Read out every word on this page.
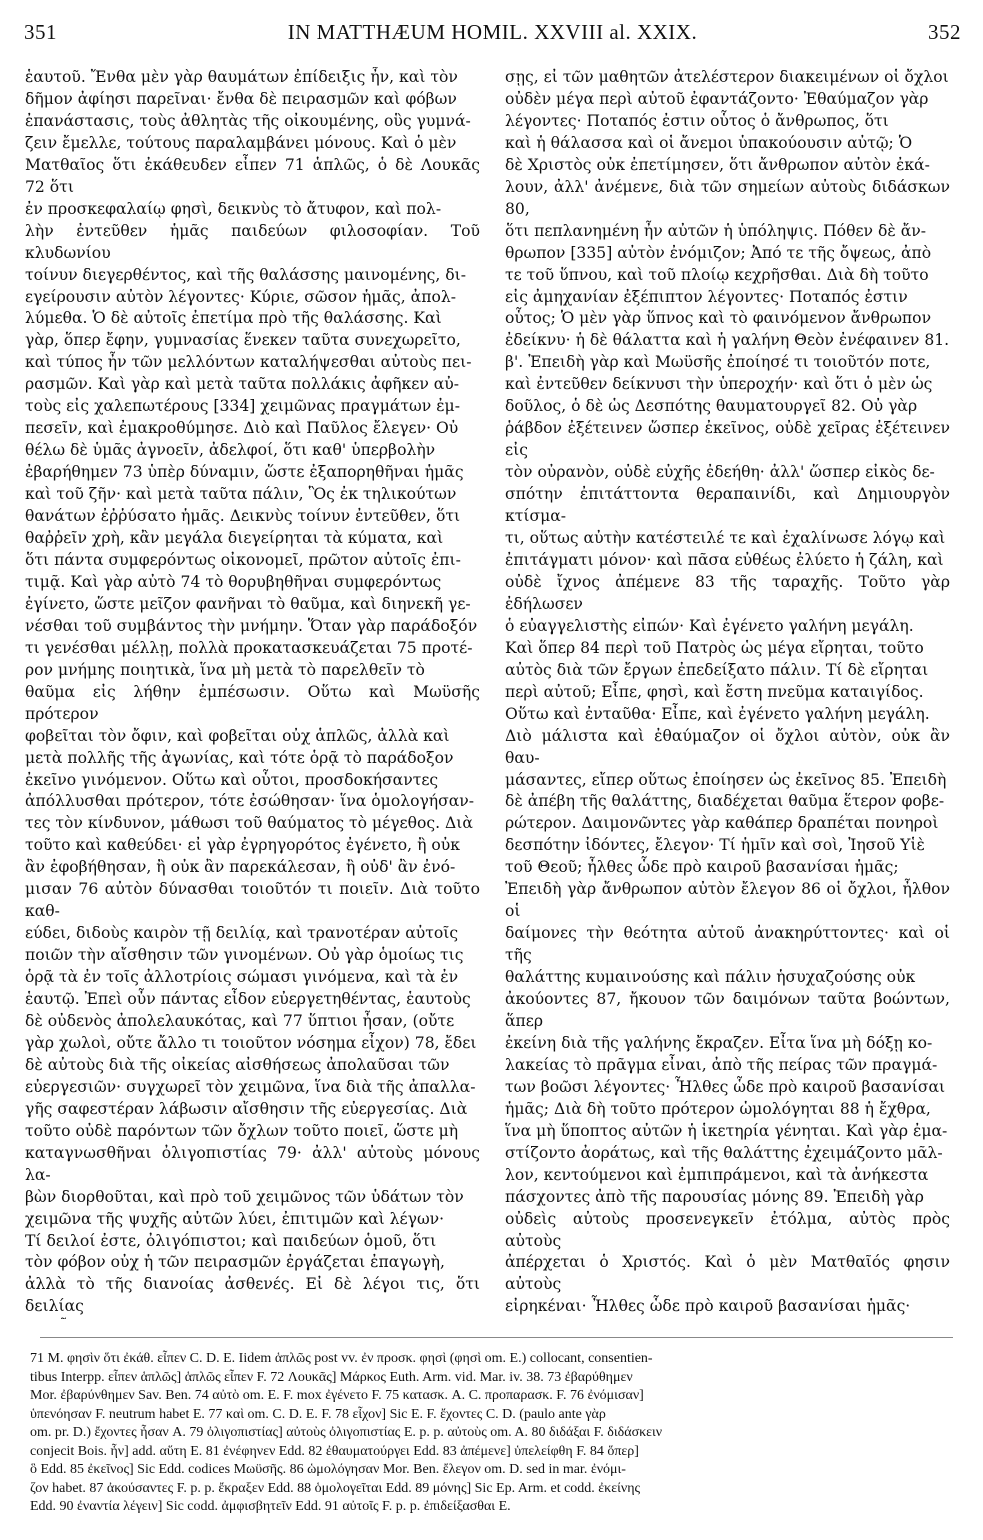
351	IN MATTHÆUM HOMIL. XXVIII al. XXIX.	352
ἑαυτοῦ. Ἔνθα μὲν γὰρ θαυμάτων ἐπίδειξις ἦν, καὶ τὸν
δῆμον ἀφίησι παρεῖναι· ἔνθα δὲ πειρασμῶν καὶ φόβων
ἐπανάστασις, τοὺς ἀθλητὰς τῆς οἰκουμένης, οὓς γυμνά-
ζειν ἔμελλε, τούτους παραλαμβάνει μόνους. Καὶ ὁ μὲν
Ματθαῖος ὅτι ἐκάθευδεν εἶπεν 71 ἁπλῶς, ὁ δὲ Λουκᾶς 72 ὅτι
ἐν προσκεφαλαίῳ φησὶ, δεικνὺς τὸ ἄτυφον, καὶ πολ-
λὴν ἐντεῦθεν ἡμᾶς παιδεύων φιλοσοφίαν. Τοῦ κλυδωνίου
τοίνυν διεγερθέντος, καὶ τῆς θαλάσσης μαινομένης, δι-
εγείρουσιν αὐτὸν λέγοντες· Κύριε, σῶσον ἡμᾶς, ἀπολ-
λύμεθα. Ὁ δὲ αὐτοῖς ἐπετίμα πρὸ τῆς θαλάσσης. Καὶ
γὰρ, ὅπερ ἔφην, γυμνασίας ἕνεκεν ταῦτα συνεχωρεῖτο,
καὶ τύπος ἦν τῶν μελλόντων καταλήψεσθαι αὐτοὺς πει-
ρασμῶν. Καὶ γὰρ καὶ μετὰ ταῦτα πολλάκις ἀφῆκεν αὐ-
τοὺς εἰς χαλεπωτέρους [334] χειμῶνας πραγμάτων ἐμ-
πεσεῖν, καὶ ἐμακροθύμησε. Διὸ καὶ Παῦλος ἔλεγεν· Οὐ
θέλω δὲ ὑμᾶς ἀγνοεῖν, ἀδελφοί, ὅτι καθ' ὑπερβολὴν
ἐβαρήθημεν 73 ὑπὲρ δύναμιν, ὥστε ἐξαπορηθῆναι ἡμᾶς
καὶ τοῦ ζῆν· καὶ μετὰ ταῦτα πάλιν, Ὃς ἐκ τηλικούτων
θανάτων ἐῤῥύσατο ἡμᾶς. Δεικνὺς τοίνυν ἐντεῦθεν, ὅτι
θαῤῥεῖν χρὴ, κἂν μεγάλα διεγείρηται τὰ κύματα, καὶ
ὅτι πάντα συμφερόντως οἰκονομεῖ, πρῶτον αὐτοῖς ἐπι-
τιμᾷ. Καὶ γὰρ αὐτὸ 74 τὸ θορυβηθῆναι συμφερόντως
ἐγίνετο, ὥστε μεῖζον φανῆναι τὸ θαῦμα, καὶ διηνεκῆ γε-
νέσθαι τοῦ συμβάντος τὴν μνήμην. Ὅταν γὰρ παράδοξόν
τι γενέσθαι μέλλῃ, πολλὰ προκατασκευάζεται 75 προτέ-
ρον μνήμης ποιητικὰ, ἵνα μὴ μετὰ τὸ παρελθεῖν τὸ
θαῦμα εἰς λήθην ἐμπέσωσιν. Οὕτω καὶ Μωϋσῆς πρότερον
φοβεῖται τὸν ὄφιν, καὶ φοβεῖται οὐχ ἁπλῶς, ἀλλὰ καὶ
μετὰ πολλῆς τῆς ἀγωνίας, καὶ τότε ὁρᾷ τὸ παράδοξον
ἐκεῖνο γινόμενον. Οὕτω καὶ οὗτοι, προσδοκήσαντες
ἀπόλλυσθαι πρότερον, τότε ἐσώθησαν· ἵνα ὁμολογήσαν-
τες τὸν κίνδυνον, μάθωσι τοῦ θαύματος τὸ μέγεθος. Διὰ
τοῦτο καὶ καθεύδει· εἰ γὰρ ἐγρηγορότος ἐγένετο, ἢ οὐκ
ἂν ἐφοβήθησαν, ἢ οὐκ ἂν παρεκάλεσαν, ἢ οὐδ' ἂν ἐνό-
μισαν 76 αὐτὸν δύνασθαι τοιοῦτόν τι ποιεῖν. Διὰ τοῦτο καθ-
εύδει, διδοὺς καιρὸν τῇ δειλίᾳ, καὶ τρανοτέραν αὐτοῖς
ποιῶν τὴν αἴσθησιν τῶν γινομένων. Οὐ γὰρ ὁμοίως τις
ὁρᾷ τὰ ἐν τοῖς ἀλλοτρίοις σώμασι γινόμενα, καὶ τὰ ἐν
ἑαυτῷ. Ἐπεὶ οὖν πάντας εἶδον εὐεργετηθέντας, ἑαυτοὺς
δὲ οὐδενὸς ἀπολελαυκότας, καὶ 77 ὕπτιοι ἦσαν, (οὔτε
γὰρ χωλοὶ, οὔτε ἄλλο τι τοιοῦτον νόσημα εἶχον) 78, ἔδει
δὲ αὐτοὺς διὰ τῆς οἰκείας αἰσθήσεως ἀπολαῦσαι τῶν
εὐεργεσιῶν· συγχωρεῖ τὸν χειμῶνα, ἵνα διὰ τῆς ἀπαλλα-
γῆς σαφεστέραν λάβωσιν αἴσθησιν τῆς εὐεργεσίας. Διὰ
τοῦτο οὐδὲ παρόντων τῶν ὄχλων τοῦτο ποιεῖ, ὥστε μὴ
καταγνωσθῆναι ὀλιγοπιστίας 79· ἀλλ' αὐτοὺς μόνους λα-
βὼν διορθοῦται, καὶ πρὸ τοῦ χειμῶνος τῶν ὑδάτων τὸν
χειμῶνα τῆς ψυχῆς αὐτῶν λύει, ἐπιτιμῶν καὶ λέγων·
Τί δειλοί ἐστε, ὀλιγόπιστοι; καὶ παιδεύων ὁμοῦ, ὅτι
τὸν φόβον οὐχ ἡ τῶν πειρασμῶν ἐργάζεται ἐπαγωγὴ,
ἀλλὰ τὸ τῆς διανοίας ἀσθενές. Εἰ δὲ λέγοι τις, ὅτι δειλίας

σῃς, εἰ τῶν μαθητῶν ἀτελέστερον διακειμένων οἱ ὄχλοι
οὐδὲν μέγα περὶ αὐτοῦ ἐφαντάζοντο· Ἐθαύμαζον γὰρ
λέγοντες· Ποταπός ἐστιν οὗτος ὁ ἄνθρωπος, ὅτι
καὶ ἡ θάλασσα καὶ οἱ ἄνεμοι ὑπακούουσιν αὐτῷ; Ὁ
δὲ Χριστὸς οὐκ ἐπετίμησεν, ὅτι ἄνθρωπον αὐτὸν ἐκά-
λουν, ἀλλ' ἀνέμενε, διὰ τῶν σημείων αὐτοὺς διδάσκων 80,
ὅτι πεπλανημένη ἦν αὐτῶν ἡ ὑπόληψις. Πόθεν δὲ ἄν-
θρωπον [335] αὐτὸν ἐνόμιζον; Ἀπό τε τῆς ὄψεως, ἀπὸ
τε τοῦ ὕπνου, καὶ τοῦ πλοίῳ κεχρῆσθαι. Διὰ δὴ τοῦτο
εἰς ἀμηχανίαν ἐξέπιπτον λέγοντες· Ποταπός ἐστιν
οὗτος; Ὁ μὲν γὰρ ὕπνος καὶ τὸ φαινόμενον ἄνθρωπον
ἐδείκνυ· ἡ δὲ θάλαττα καὶ ἡ γαλήνη Θεὸν ἐνέφαινεν 81.
β'. Ἐπειδὴ γὰρ καὶ Μωϋσῆς ἐποίησέ τι τοιοῦτόν ποτε,
καὶ ἐντεῦθεν δείκνυσι τὴν ὑπεροχήν· καὶ ὅτι ὁ μὲν ὡς
δοῦλος, ὁ δὲ ὡς Δεσπότης θαυματουργεῖ 82. Οὐ γὰρ
ῥάβδον ἐξέτεινεν ὥσπερ ἐκεῖνος, οὐδὲ χεῖρας ἐξέτεινεν εἰς
τὸν οὐρανὸν, οὐδὲ εὐχῆς ἐδεήθη· ἀλλ' ὥσπερ εἰκὸς δε-
σπότην ἐπιτάττοντα θεραπαινίδι, καὶ Δημιουργὸν κτίσμα-
τι, οὕτως αὐτὴν κατέστειλέ τε καὶ ἐχαλίνωσε λόγῳ καὶ
ἐπιτάγματι μόνον· καὶ πᾶσα εὐθέως ἐλύετο ἡ ζάλη, καὶ
οὐδὲ ἴχνος ἀπέμενε 83 τῆς ταραχῆς. Τοῦτο γὰρ ἐδήλωσεν
ὁ εὐαγγελιστὴς εἰπών· Καὶ ἐγένετο γαλήνη μεγάλη.
Καὶ ὅπερ 84 περὶ τοῦ Πατρὸς ὡς μέγα εἴρηται, τοῦτο
αὐτὸς διὰ τῶν ἔργων ἐπεδείξατο πάλιν. Τί δὲ εἴρηται
περὶ αὐτοῦ; Εἶπε, φησὶ, καὶ ἔστη πνεῦμα καταιγίδος.
Οὕτω καὶ ἐνταῦθα· Εἶπε, καὶ ἐγένετο γαλήνη μεγάλη.
Διὸ μάλιστα καὶ ἐθαύμαζον οἱ ὄχλοι αὐτὸν, οὐκ ἂν θαυ-
μάσαντες, εἴπερ οὕτως ἐποίησεν ὡς ἐκεῖνος 85. Ἐπειδὴ
δὲ ἀπέβη τῆς θαλάττης, διαδέχεται θαῦμα ἕτερον φοβε-
ρώτερον. Δαιμονῶντες γὰρ καθάπερ δραπέται πονηροὶ
δεσπότην ἰδόντες, ἔλεγον· Τί ἡμῖν καὶ σοὶ, Ἰησοῦ Υἱὲ
τοῦ Θεοῦ; ἦλθες ὧδε πρὸ καιροῦ βασανίσαι ἡμᾶς;
Ἐπειδὴ γὰρ ἄνθρωπον αὐτὸν ἔλεγον 86 οἱ ὄχλοι, ἦλθον οἱ
δαίμονες τὴν θεότητα αὐτοῦ ἀνακηρύττοντες· καὶ οἱ τῆς
θαλάττης κυμαινούσης καὶ πάλιν ἡσυχαζούσης οὐκ
ἀκούοντες 87, ἤκουον τῶν δαιμόνων ταῦτα βοώντων, ἅπερ
ἐκείνη διὰ τῆς γαλήνης ἔκραζεν. Εἶτα ἵνα μὴ δόξῃ κο-
λακείας τὸ πρᾶγμα εἶναι, ἀπὸ τῆς πείρας τῶν πραγμά-
των βοῶσι λέγοντες· Ἦλθες ὧδε πρὸ καιροῦ βασανίσαι
ἡμᾶς; Διὰ δὴ τοῦτο πρότερον ὡμολόγηται 88 ἡ ἔχθρα,
ἵνα μὴ ὕποπτος αὐτῶν ἡ ἱκετηρία γένηται. Καὶ γὰρ ἐμα-
στίζοντο ἀοράτως, καὶ τῆς θαλάττης ἐχειμάζοντο μᾶλ-
λον, κεντούμενοι καὶ ἐμπιπράμενοι, καὶ τὰ ἀνήκεστα
πάσχοντες ἀπὸ τῆς παρουσίας μόνης 89. Ἐπειδὴ γὰρ
οὐδεὶς αὐτοὺς προσενεγκεῖν ἐτόλμα, αὐτὸς πρὸς αὐτοὺς
ἀπέρχεται ὁ Χριστός. Καὶ ὁ μὲν Ματθαῖός φησιν αὐτοὺς
εἰρηκέναι· Ἦλθες ὧδε πρὸ καιροῦ βασανίσαι ἡμᾶς·

71 M. φησὶν ὅτι ἐκάθ. εἶπεν C. D. E. Iidem ἁπλῶς post vv. ἐν προσκ. φησὶ (φησὶ om. E.) collocant, consentien-
tibus Interpp. εἶπεν ἁπλῶς] ἁπλῶς εἶπεν F. 72 Λουκᾶς] Μάρκος Euth. Arm. vid. Mar. iv. 38. 73 ἐβαρύθημεν
Mor. ἐβαρύνθημεν Sav. Ben. 74 αὐτὸ om. E. F. mox ἐγένετο F. 75 κατασκ. A. C. προπαρασκ. F. 76 ἐνόμισαν]
ὑπενόησαν F. neutrum habet E. 77 καὶ om. C. D. E. F. 78 εἶχον] Sic E. F. ἔχοντες C. D. (paulo ante γὰρ
om. pr. D.) ἔχοντες ἦσαν A. 79 ὀλιγοπιστίας] αὐτοὺς ὀλιγοπιστίας E. p. p. αὐτοὺς om. A. 80 διδάξαι F. διδάσκειν
conjecit Bois. ἦν] add. αὕτη E. 81 ἐνέφηνεν Edd. 82 ἐθαυματούργει Edd. 83 ἀπέμενε] ὑπελείφθη F. 84 ὅπερ]
ὃ Edd. 85 ἐκεῖνος] Sic Edd. codices Μωϋσῆς. 86 ὡμολόγησαν Mor. Ben. ἔλεγον om. D. sed in mar. ἐνόμι-
ζον habet. 87 ἀκούσαντες F. p. p. ἔκραξεν Edd. 88 ὁμολογεῖται Edd. 89 μόνης] Sic Ep. Arm. et codd. ἐκείνης
Edd. 90 ἐναντία λέγειν] Sic codd. ἀμφισβητεῖν Edd. 91 αὐτοῖς F. p. p. ἐπιδείξασθαι E.
